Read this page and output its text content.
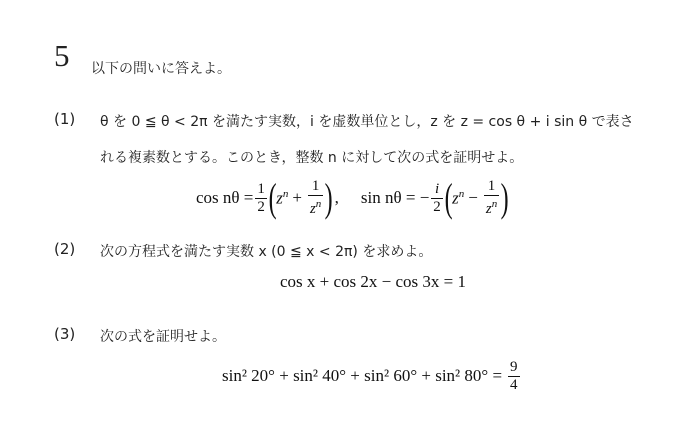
5 以下の問いに答えよ。
(1) θ を 0 ≦ θ < 2π を満たす実数，i を虚数単位とし，z を z = cos θ + i sin θ で表さ
れる複素数とする。このとき，整数 n に対して次の式を証明せよ。
$\cos n\theta = \frac{1}{2}$ ( $z^n + \frac{1}{z^n}$ ) , sin nθ = − $\frac{i}{2}$ ( $z^n - \frac{1}{z^n}$ )
(2) 次の方程式を満たす実数 x (0 ≦ x < 2π) を求めよ。
cos x + cos 2x − cos 3x = 1
(3) 次の式を証明せよ。
sin² 20° + sin² 40° + sin² 60° + sin² $80^\circ = \frac{9}{4}$
